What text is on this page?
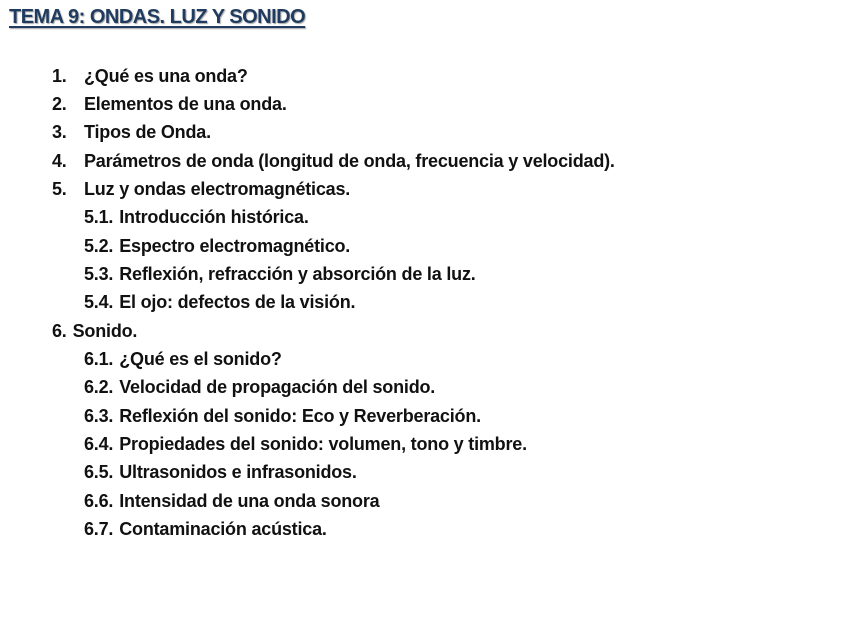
TEMA 9: ONDAS. LUZ Y SONIDO
1. ¿Qué es una onda?
2. Elementos de una onda.
3. Tipos de Onda.
4. Parámetros de onda (longitud de onda, frecuencia y velocidad).
5. Luz y ondas electromagnéticas.
5.1. Introducción histórica.
5.2. Espectro electromagnético.
5.3. Reflexión, refracción y absorción de la luz.
5.4. El ojo: defectos de la visión.
6. Sonido.
6.1. ¿Qué es el sonido?
6.2. Velocidad de propagación del sonido.
6.3. Reflexión del sonido: Eco y Reverberación.
6.4. Propiedades del sonido: volumen, tono y timbre.
6.5. Ultrasonidos e infrasonidos.
6.6. Intensidad de una onda sonora
6.7. Contaminación acústica.
